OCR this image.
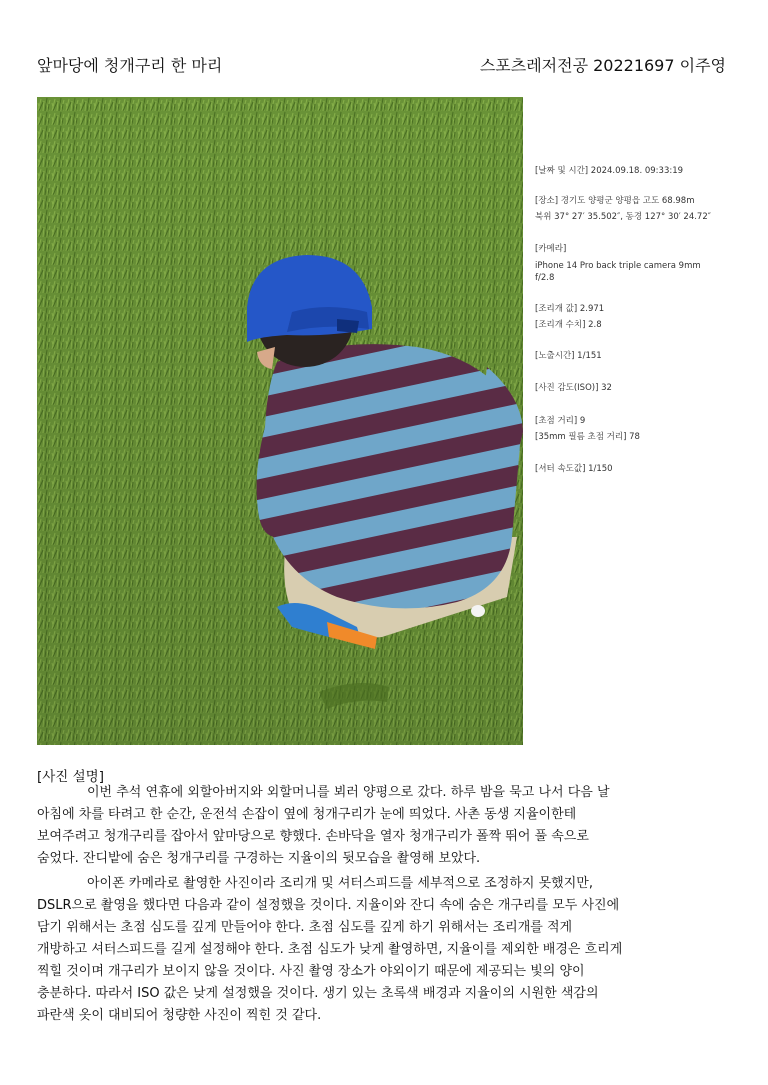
앞마당에 청개구리 한 마리	스포츠레저전공 20221697 이주영
[날짜 및 시간] 2024.09.18. 09:33:19
[장소] 경기도 양평군 양평읍 고도 68.98m
북위 37° 27′ 35.502″, 동경 127° 30′ 24.72″
[카메라]
iPhone 14 Pro back triple camera 9mm
f/2.8
[조리개 값] 2.971
[조리개 수치] 2.8
[노출시간] 1/151
[사진 감도(ISO)] 32
[초점 거리] 9
[35mm 필름 초점 거리] 78
[셔터 속도값] 1/150
[사진 설명]
이번 추석 연휴에 외할아버지와 외할머니를 뵈러 양평으로 갔다. 하루 밤을 묵고 나서 다음 날
아침에 차를 타려고 한 순간, 운전석 손잡이 옆에 청개구리가 눈에 띄었다. 사촌 동생 지율이한테
보여주려고 청개구리를 잡아서 앞마당으로 향했다. 손바닥을 열자 청개구리가 폴짝 뛰어 풀 속으로
숨었다. 잔디밭에 숨은 청개구리를 구경하는 지율이의 뒷모습을 촬영해 보았다.
아이폰 카메라로 촬영한 사진이라 조리개 및 셔터스피드를 세부적으로 조정하지 못했지만,
DSLR으로 촬영을 했다면 다음과 같이 설정했을 것이다. 지율이와 잔디 속에 숨은 개구리를 모두 사진에
담기 위해서는 초점 심도를 깊게 만들어야 한다. 초점 심도를 깊게 하기 위해서는 조리개를 적게
개방하고 셔터스피드를 길게 설정해야 한다. 초점 심도가 낮게 촬영하면, 지율이를 제외한 배경은 흐리게
찍힐 것이며 개구리가 보이지 않을 것이다. 사진 촬영 장소가 야외이기 때문에 제공되는 빛의 양이
충분하다. 따라서 ISO 값은 낮게 설정했을 것이다. 생기 있는 초록색 배경과 지율이의 시원한 색감의
파란색 옷이 대비되어 청량한 사진이 찍힌 것 같다.
